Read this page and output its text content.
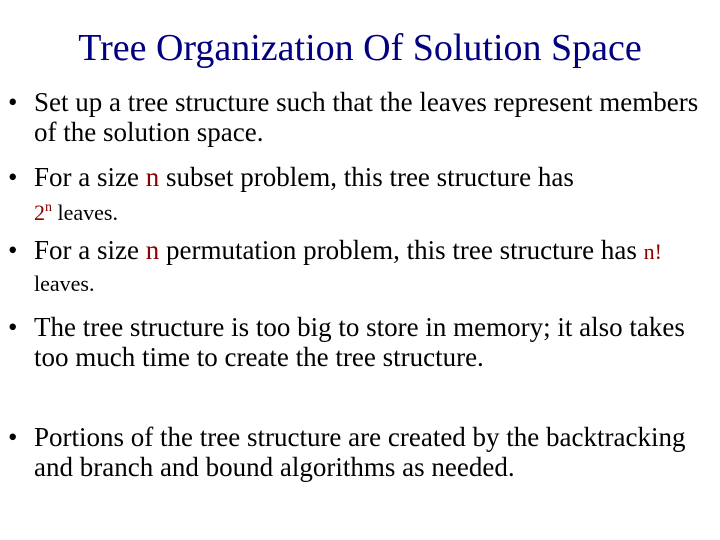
Tree Organization Of Solution Space
• Set up a tree structure such that the leaves represent members of the solution space.
• For a size n subset problem, this tree structure has
2$^n$ leaves.
• For a size n permutation problem, this tree structure has n! leaves.
• The tree structure is too big to store in memory; it also takes too much time to create the tree structure.
• Portions of the tree structure are created by the backtracking and branch and bound algorithms as needed.
